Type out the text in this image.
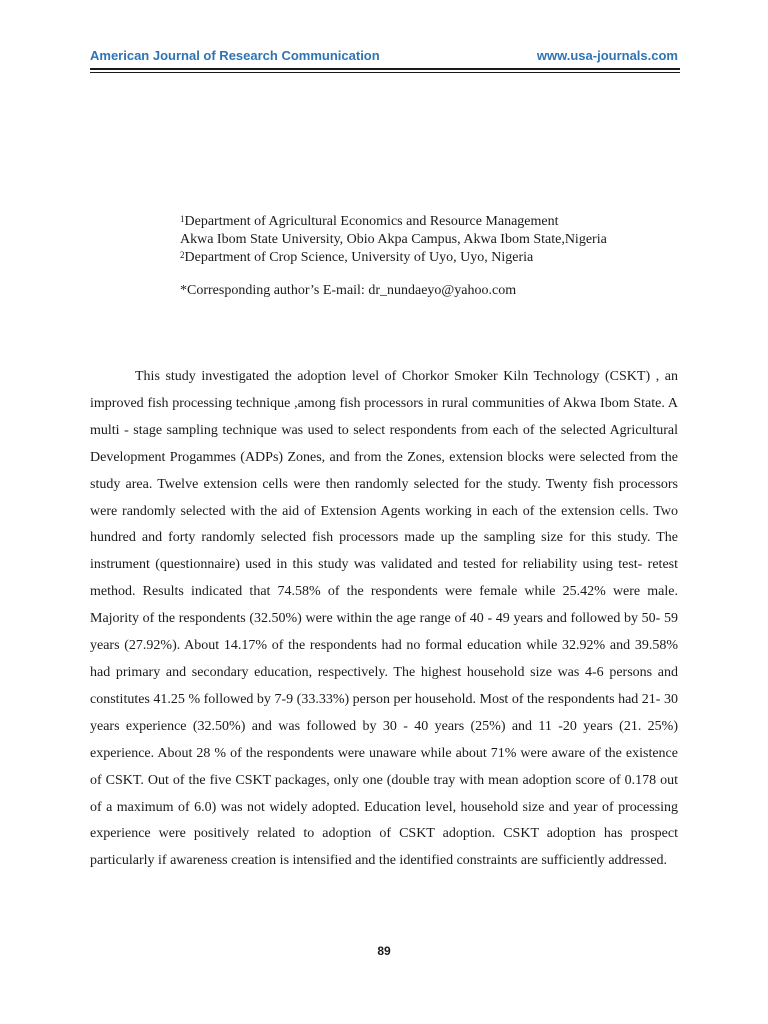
American Journal of Research Communication	www.usa-journals.com
$^1$Department of Agricultural Economics and Resource Management
Akwa Ibom State University, Obio Akpa Campus, Akwa Ibom State,Nigeria
$^2$Department of Crop Science, University of Uyo, Uyo, Nigeria
*Corresponding author’s E-mail: dr_nundaeyo@yahoo.com

This study investigated the adoption level of Chorkor Smoker Kiln Technology (CSKT) , an improved fish processing technique ,among fish processors in rural communities of Akwa Ibom State. A multi - stage sampling technique was used to select respondents from each of the selected Agricultural Development Progammes (ADPs) Zones, and from the Zones, extension blocks were selected from the study area. Twelve extension cells were then randomly selected for the study. Twenty fish processors were randomly selected with the aid of Extension Agents working in each of the extension cells. Two hundred and forty randomly selected fish processors made up the sampling size for this study. The instrument (questionnaire) used in this study was validated and tested for reliability using test- retest method. Results indicated that 74.58% of the respondents were female while 25.42% were male. Majority of the respondents (32.50%) were within the age range of 40 - 49 years and followed by 50- 59 years (27.92%). About 14.17% of the respondents had no formal education while 32.92% and 39.58% had primary and secondary education, respectively. The highest household size was 4-6 persons and constitutes 41.25 % followed by 7-9 (33.33%) person per household. Most of the respondents had 21- 30 years experience (32.50%) and was followed by 30 - 40 years (25%) and 11 -20 years (21. 25%) experience. About 28 % of the respondents were unaware while about 71% were aware of the existence of CSKT. Out of the five CSKT packages, only one (double tray with mean adoption score of 0.178 out of a maximum of 6.0) was not widely adopted. Education level, household size and year of processing experience were positively related to adoption of CSKT adoption. CSKT adoption has prospect particularly if awareness creation is intensified and the identified constraints are sufficiently addressed.

89
